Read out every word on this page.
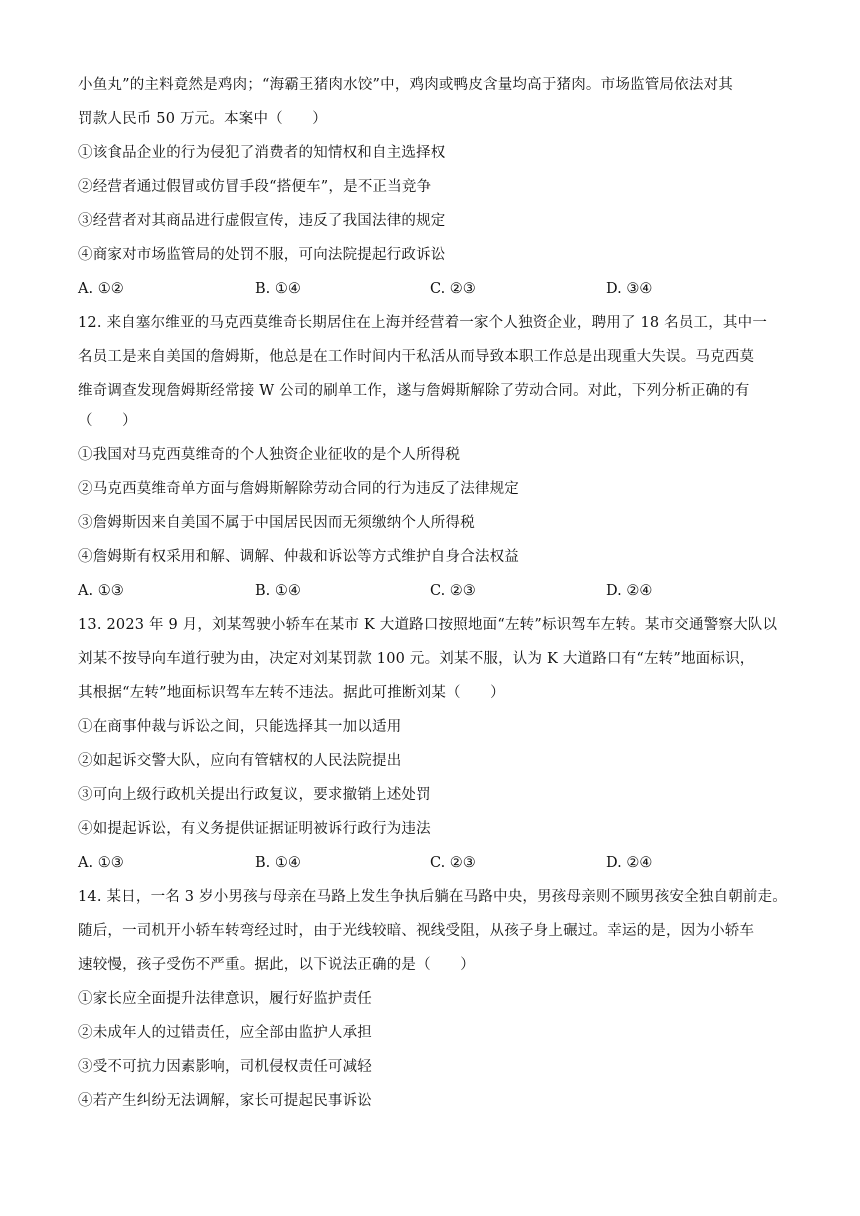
小鱼丸”的主料竟然是鸡肉；“海霸王猪肉水饺”中，鸡肉或鸭皮含量均高于猪肉。市场监管局依法对其
罚款人民币 50 万元。本案中（　　）
①该食品企业的行为侵犯了消费者的知情权和自主选择权
②经营者通过假冒或仿冒手段“搭便车”，是不正当竞争
③经营者对其商品进行虚假宣传，违反了我国法律的规定
④商家对市场监管局的处罚不服，可向法院提起行政诉讼
A. ①②	B. ①④	C. ②③	D. ③④
12. 来自塞尔维亚的马克西莫维奇长期居住在上海并经营着一家个人独资企业，聘用了 18 名员工，其中一
名员工是来自美国的詹姆斯，他总是在工作时间内干私活从而导致本职工作总是出现重大失误。马克西莫
维奇调查发现詹姆斯经常接 W 公司的刷单工作，遂与詹姆斯解除了劳动合同。对此，下列分析正确的有
（　　）
①我国对马克西莫维奇的个人独资企业征收的是个人所得税
②马克西莫维奇单方面与詹姆斯解除劳动合同的行为违反了法律规定
③詹姆斯因来自美国不属于中国居民因而无须缴纳个人所得税
④詹姆斯有权采用和解、调解、仲裁和诉讼等方式维护自身合法权益
A. ①③	B. ①④	C. ②③	D. ②④
13. 2023 年 9 月，刘某驾驶小轿车在某市 K 大道路口按照地面“左转”标识驾车左转。某市交通警察大队以
刘某不按导向车道行驶为由，决定对刘某罚款 100 元。刘某不服，认为 K 大道路口有“左转”地面标识，
其根据“左转”地面标识驾车左转不违法。据此可推断刘某（　　）
①在商事仲裁与诉讼之间，只能选择其一加以适用
②如起诉交警大队，应向有管辖权的人民法院提出
③可向上级行政机关提出行政复议，要求撤销上述处罚
④如提起诉讼，有义务提供证据证明被诉行政行为违法
A. ①③	B. ①④	C. ②③	D. ②④
14. 某日，一名 3 岁小男孩与母亲在马路上发生争执后躺在马路中央，男孩母亲则不顾男孩安全独自朝前走。
随后，一司机开小轿车转弯经过时，由于光线较暗、视线受阻，从孩子身上碾过。幸运的是，因为小轿车
速较慢，孩子受伤不严重。据此，以下说法正确的是（　　）
①家长应全面提升法律意识，履行好监护责任
②未成年人的过错责任，应全部由监护人承担
③受不可抗力因素影响，司机侵权责任可减轻
④若产生纠纷无法调解，家长可提起民事诉讼
